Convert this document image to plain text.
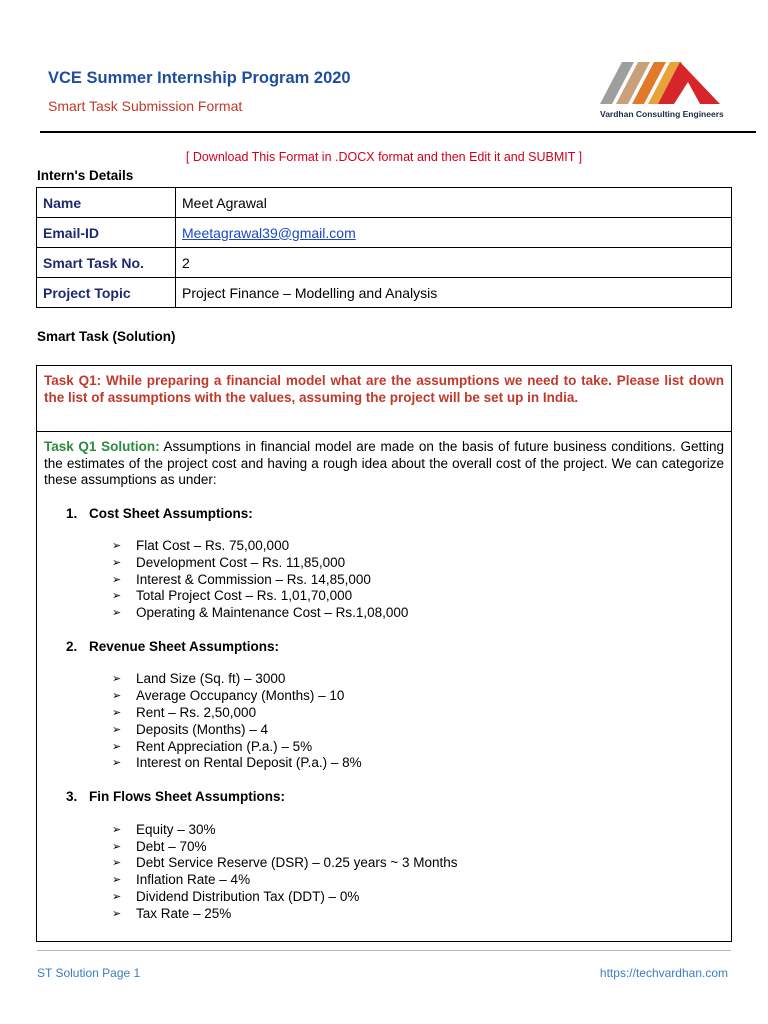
VCE Summer Internship Program 2020
Smart Task Submission Format	Vardhan Consulting Engineers
[ Download This Format in .DOCX format and then Edit it and SUBMIT ]
Intern's Details
Name	Meet Agrawal
Email-ID	Meetagrawal39@gmail.com
Smart Task No.	2
Project Topic	Project Finance – Modelling and Analysis
Smart Task (Solution)
Task Q1: While preparing a financial model what are the assumptions we need to take. Please list down the list of assumptions with the values, assuming the project will be set up in India.
Task Q1 Solution: Assumptions in financial model are made on the basis of future business conditions. Getting the estimates of the project cost and having a rough idea about the overall cost of the project. We can categorize these assumptions as under:
1. Cost Sheet Assumptions:
➢ Flat Cost – Rs. 75,00,000
➢ Development Cost – Rs. 11,85,000
➢ Interest & Commission – Rs. 14,85,000
➢ Total Project Cost – Rs. 1,01,70,000
➢ Operating & Maintenance Cost – Rs.1,08,000
2. Revenue Sheet Assumptions:
➢ Land Size (Sq. ft) – 3000
➢ Average Occupancy (Months) – 10
➢ Rent – Rs. 2,50,000
➢ Deposits (Months) – 4
➢ Rent Appreciation (P.a.) – 5%
➢ Interest on Rental Deposit (P.a.) – 8%
3. Fin Flows Sheet Assumptions:
➢ Equity – 30%
➢ Debt – 70%
➢ Debt Service Reserve (DSR) – 0.25 years ~ 3 Months
➢ Inflation Rate – 4%
➢ Dividend Distribution Tax (DDT) – 0%
➢ Tax Rate – 25%
ST Solution Page 1	https://techvardhan.com
